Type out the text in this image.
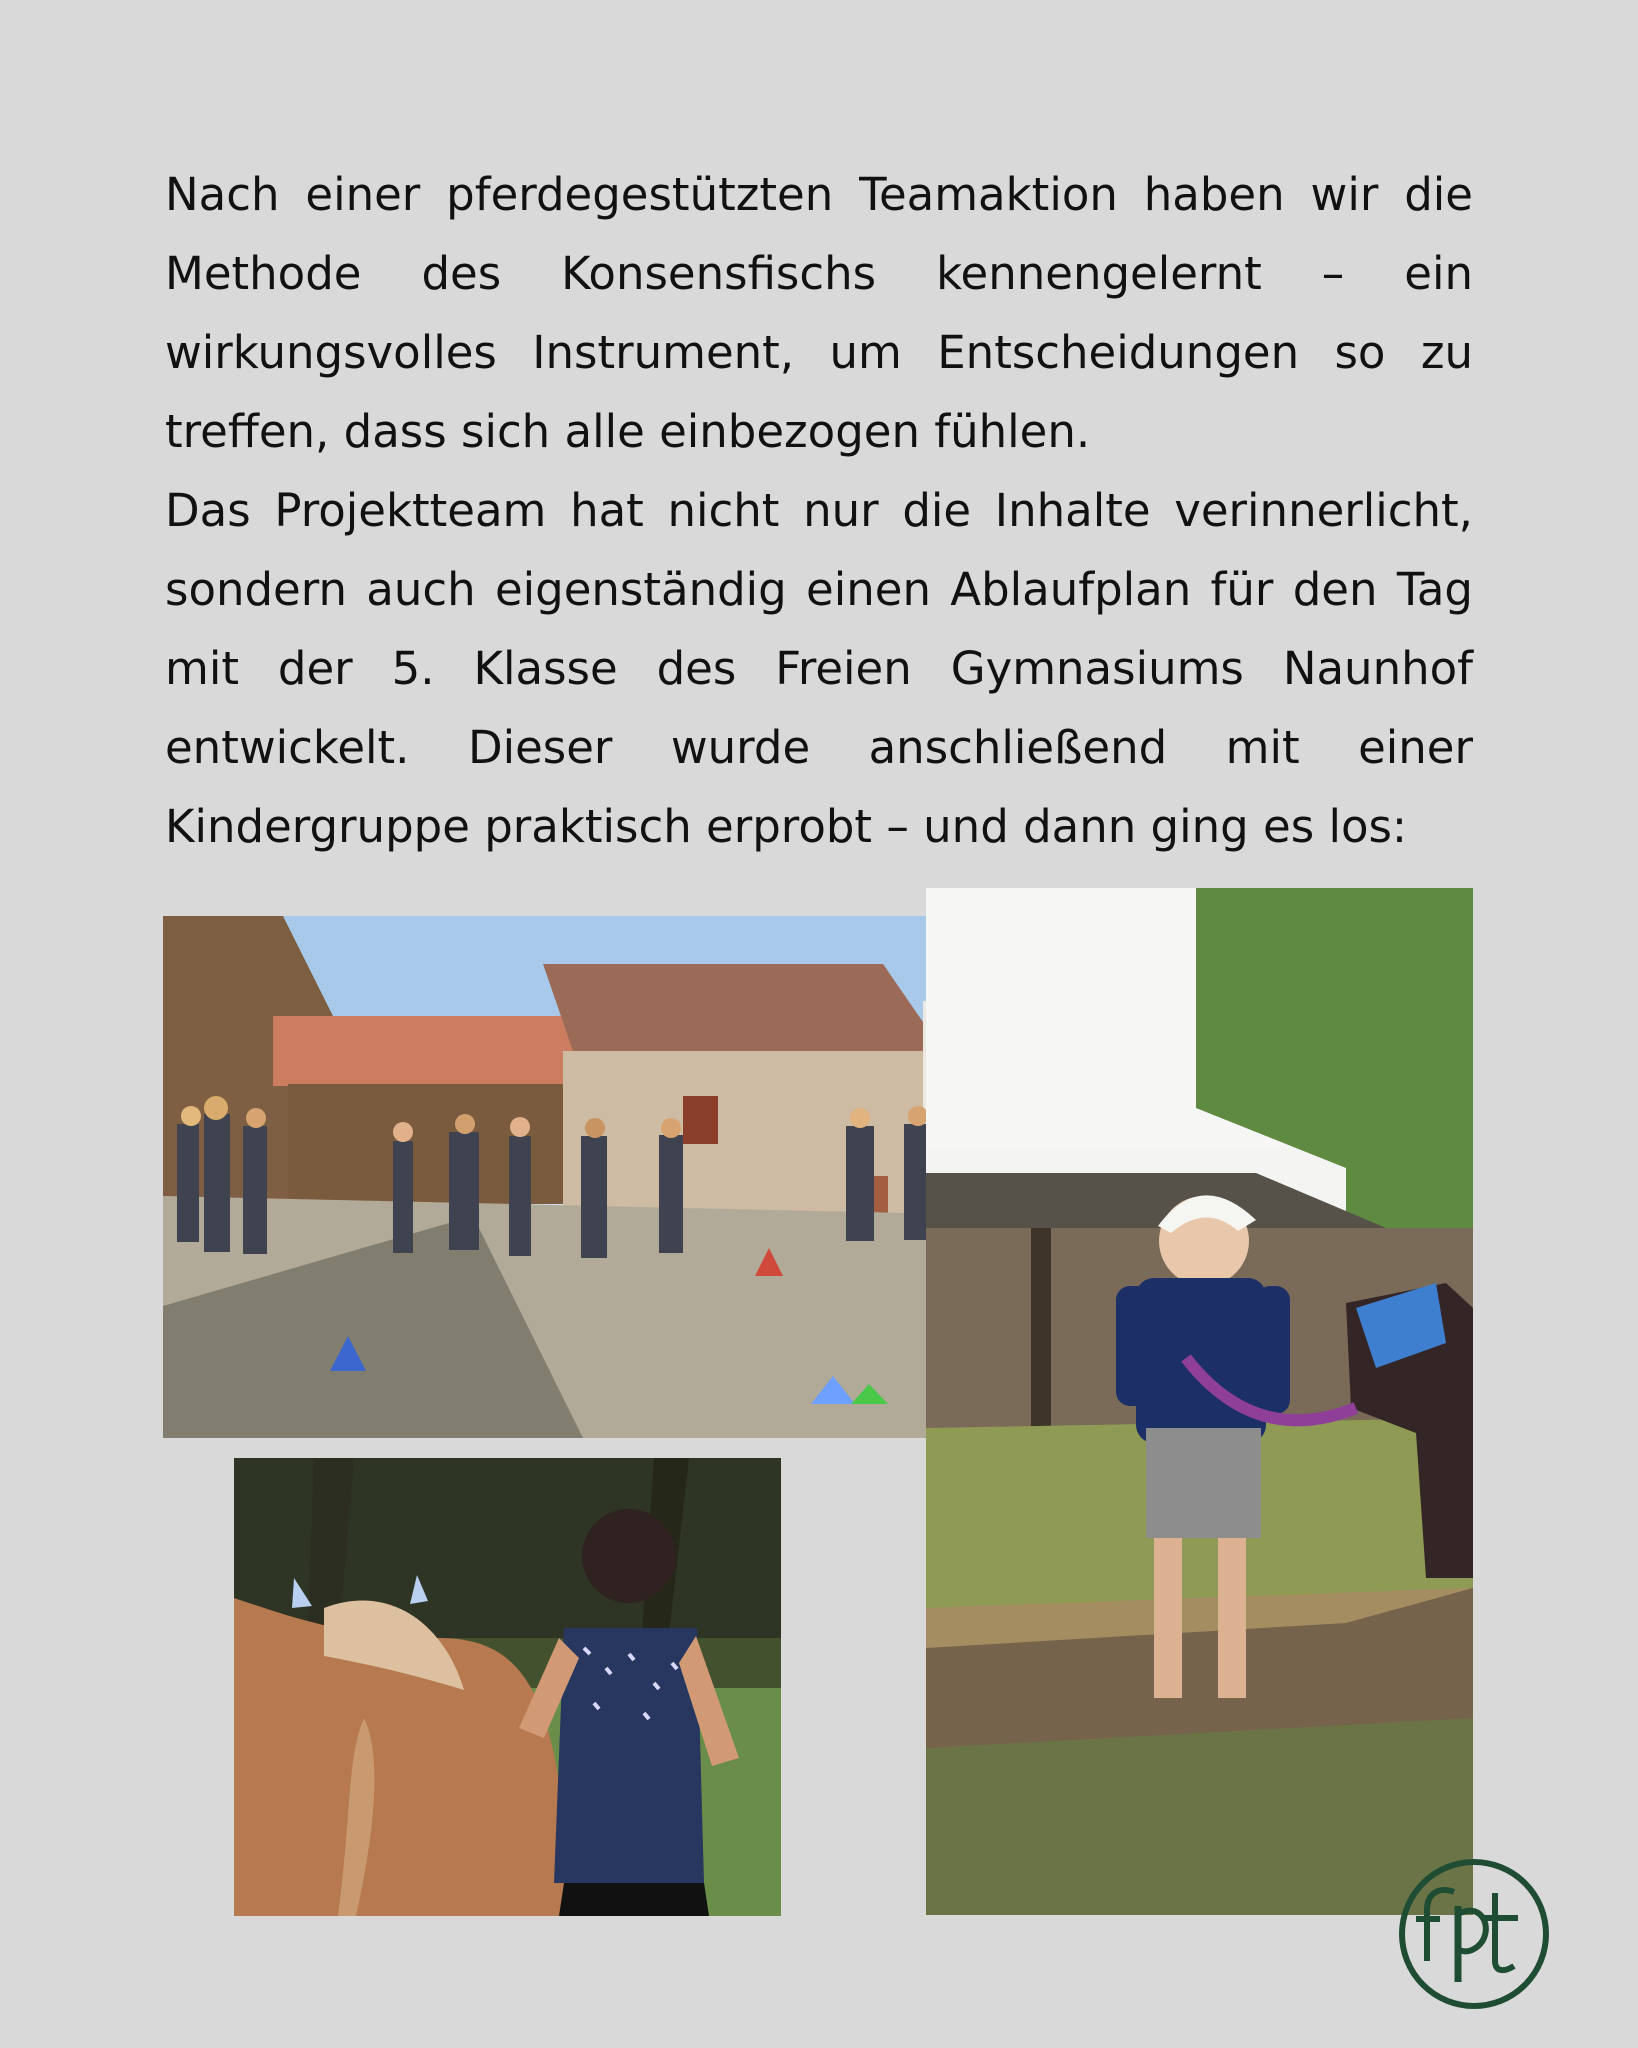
Nach einer pferdegestützten Teamaktion haben wir die Methode des Konsensfischs kennengelernt – ein wirkungsvolles Instrument, um Entscheidungen so zu treffen, dass sich alle einbezogen fühlen.

Das Projektteam hat nicht nur die Inhalte verinnerlicht, sondern auch eigenständig einen Ablaufplan für den Tag mit der 5. Klasse des Freien Gymnasiums Naunhof entwickelt. Dieser wurde anschließend mit einer Kindergruppe praktisch erprobt – und dann ging es los:
